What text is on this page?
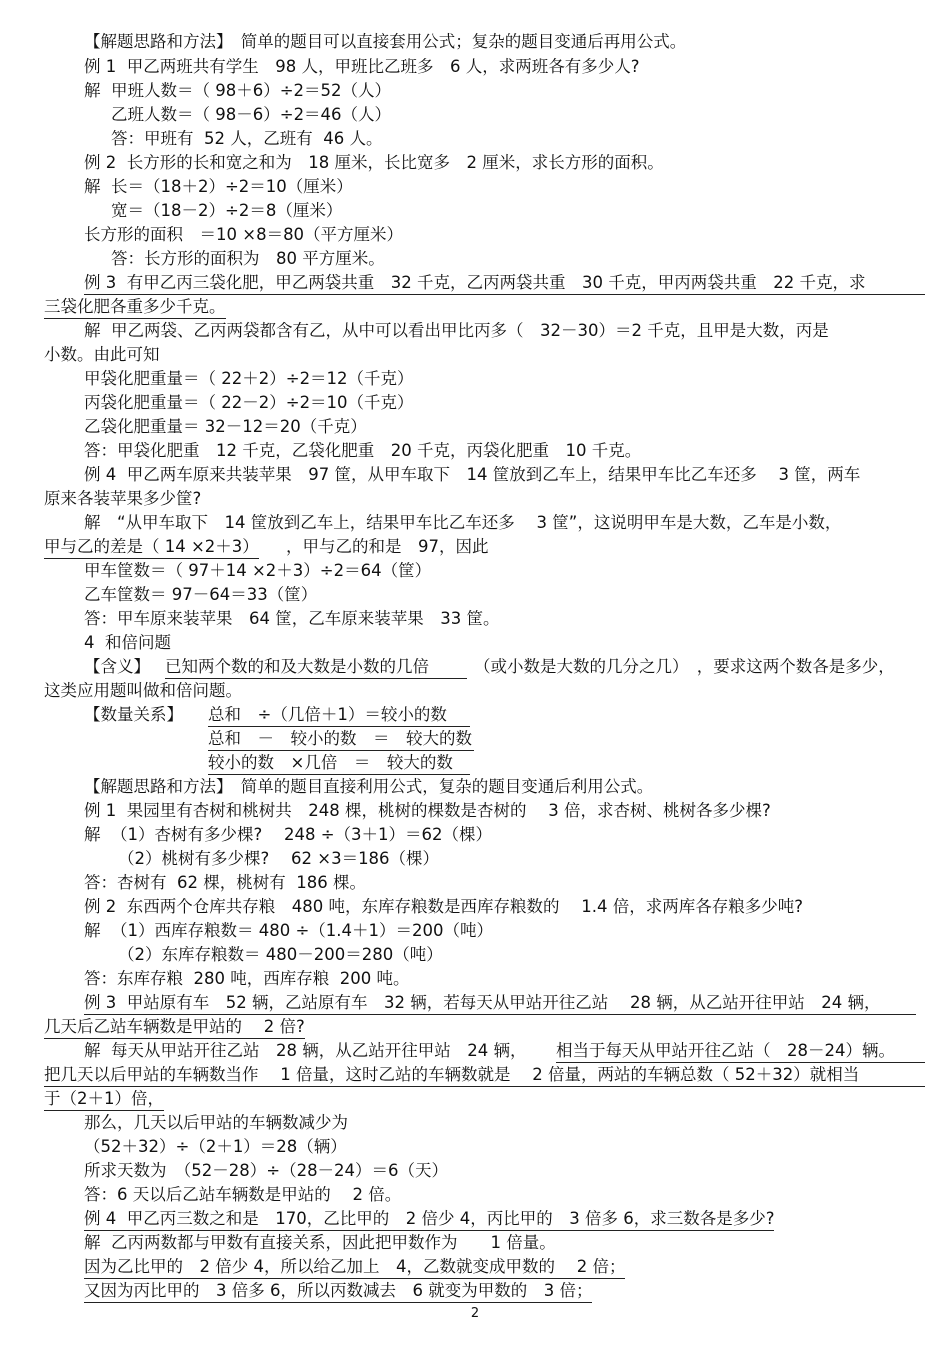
【解题思路和方法】　简单的题目可以直接套用公式；复杂的题目变通后再用公式。
例 1  甲乙两班共有学生　98 人，甲班比乙班多　6 人，求两班各有多少人?
解  甲班人数＝（ 98＋6）÷2＝52（人）
乙班人数＝（ 98－6）÷2＝46（人）
答：甲班有  52 人，乙班有  46 人。
例 2  长方形的长和宽之和为　18 厘米，长比宽多　2 厘米，求长方形的面积。
解  长＝（18＋2）÷2＝10（厘米）
宽＝（18－2）÷2＝8（厘米）
长方形的面积　＝10 ×8＝80（平方厘米）
答：长方形的面积为　80 平方厘米。
例 3  有甲乙丙三袋化肥，甲乙两袋共重　32 千克，乙丙两袋共重　30 千克，甲丙两袋共重　22 千克，求
三袋化肥各重多少千克。
解  甲乙两袋、乙丙两袋都含有乙，从中可以看出甲比丙多（　32－30）＝2 千克，且甲是大数，丙是
小数。由此可知
甲袋化肥重量＝（ 22＋2）÷2＝12（千克）
丙袋化肥重量＝（ 22－2）÷2＝10（千克）
乙袋化肥重量＝ 32－12＝20（千克）
答：甲袋化肥重　12 千克，乙袋化肥重　20 千克，丙袋化肥重　10 千克。
例 4  甲乙两车原来共装苹果　97 筐，从甲车取下　14 筐放到乙车上，结果甲车比乙车还多　 3 筐，两车
原来各装苹果多少筐?
解　“从甲车取下　14 筐放到乙车上，结果甲车比乙车还多　 3 筐”，这说明甲车是大数，乙车是小数，
甲与乙的差是（ 14 ×2＋3） ，甲与乙的和是　97，因此
甲车筐数＝（ 97＋14 ×2＋3）÷2＝64（筐）
乙车筐数＝ 97－64＝33（筐）
答：甲车原来装苹果　64 筐，乙车原来装苹果　33 筐。
4  和倍问题
【含义】 已知两个数的和及大数是小数的几倍	（或小数是大数的几分之几）　，要求这两个数各是多少，
这类应用题叫做和倍问题。
【数量关系】 总和　÷（几倍＋1）＝较小的数
总和　－　较小的数　＝　较大的数
较小的数　×几倍　＝　较大的数
【解题思路和方法】　简单的题目直接利用公式，复杂的题目变通后利用公式。
例 1  果园里有杏树和桃树共　248 棵，桃树的棵数是杏树的　 3 倍，求杏树、桃树各多少棵?
解  （1）杏树有多少棵?　 248 ÷（3＋1）＝62（棵）
（2）桃树有多少棵?　 62 ×3＝186（棵）
答：杏树有  62 棵，桃树有  186 棵。
例 2  东西两个仓库共存粮　480 吨，东库存粮数是西库存粮数的　 1.4 倍，求两库各存粮多少吨?
解  （1）西库存粮数＝ 480 ÷（1.4＋1）＝200（吨）
（2）东库存粮数＝ 480－200＝280（吨）
答：东库存粮  280 吨，西库存粮  200 吨。
例 3  甲站原有车　52 辆，乙站原有车　32 辆，若每天从甲站开往乙站　 28 辆，从乙站开往甲站　24 辆，
几天后乙站车辆数是甲站的　 2 倍?
解  每天从甲站开往乙站　28 辆，从乙站开往甲站　24 辆， 相当于每天从甲站开往乙站（　28－24）辆。
把几天以后甲站的车辆数当作　 1 倍量，这时乙站的车辆数就是　 2 倍量，两站的车辆总数（ 52＋32）就相当
于（2＋1）倍，
那么，几天以后甲站的车辆数减少为
（52＋32）÷（2＋1）＝28（辆）
所求天数为　（52－28）÷（28－24）＝6（天）
答：6 天以后乙站车辆数是甲站的　 2 倍。
例 4  甲乙丙三数之和是　170，乙比甲的　2 倍少 4，丙比甲的　3 倍多 6，求三数各是多少?
解  乙丙两数都与甲数有直接关系，因此把甲数作为　　1 倍量。
因为乙比甲的　2 倍少 4，所以给乙加上　4，乙数就变成甲数的　 2 倍；
又因为丙比甲的　3 倍多 6，所以丙数减去　6 就变为甲数的　3 倍；
2
